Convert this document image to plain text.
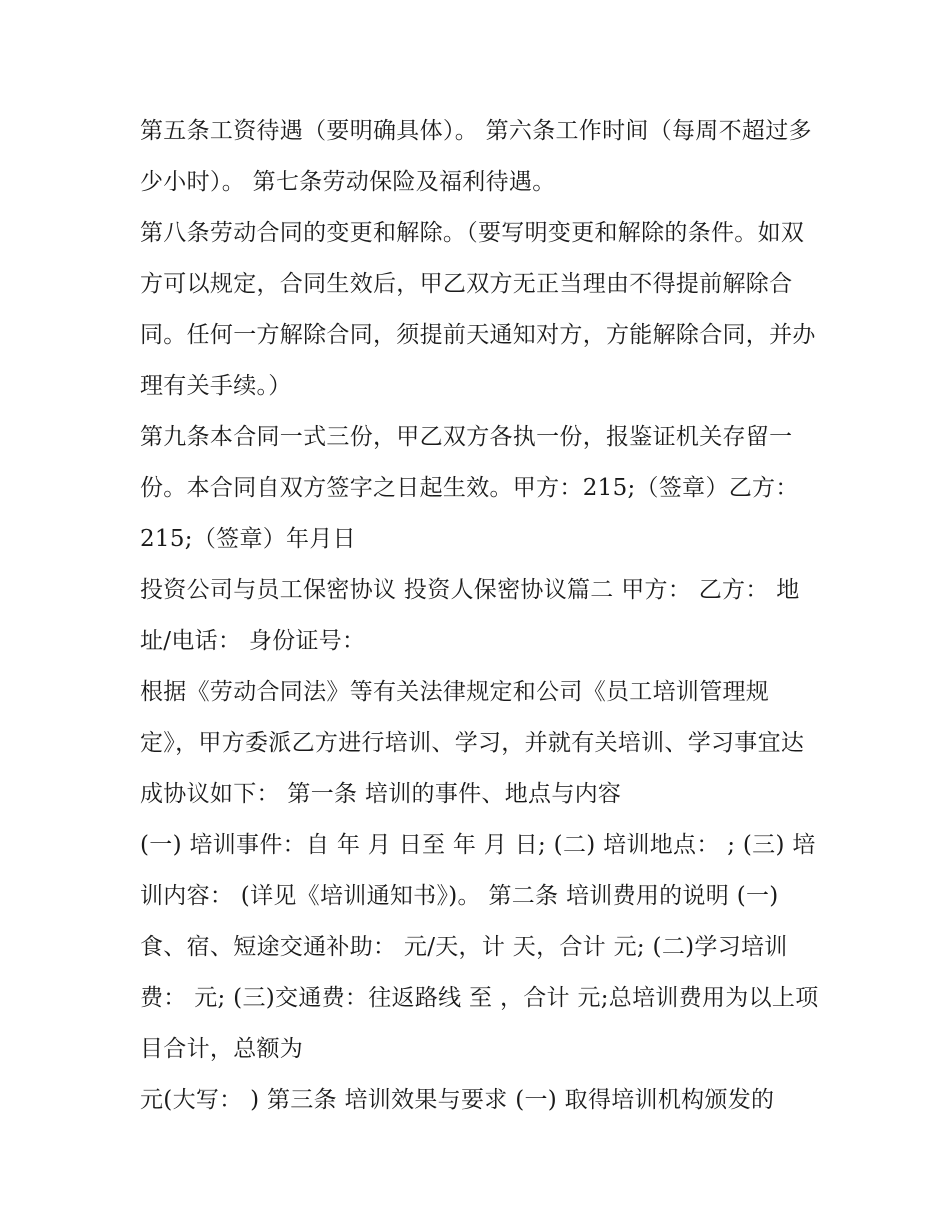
第五条工资待遇（要明确具体）。 第六条工作时间（每周不超过多少小时）。 第七条劳动保险及福利待遇。

第八条劳动合同的变更和解除。（要写明变更和解除的条件。如双方可以规定，合同生效后，甲乙双方无正当理由不得提前解除合同。任何一方解除合同，须提前天通知对方，方能解除合同，并办理有关手续。）

第九条本合同一式三份，甲乙双方各执一份，报鉴证机关存留一份。本合同自双方签字之日起生效。甲方：215;（签章）乙方：215;（签章）年月日

投资公司与员工保密协议 投资人保密协议篇二 甲方： 乙方： 地址/电话： 身份证号：

根据《劳动合同法》等有关法律规定和公司《员工培训管理规定》，甲方委派乙方进行培训、学习，并就有关培训、学习事宜达成协议如下： 第一条 培训的事件、地点与内容

(一) 培训事件：自 年 月 日至 年 月 日; (二) 培训地点： ; (三) 培训内容： (详见《培训通知书》)。 第二条 培训费用的说明 (一)食、宿、短途交通补助： 元/天，计 天，合计 元; (二)学习培训费： 元; (三)交通费：往返路线 至 ，合计 元;总培训费用为以上项目合计，总额为

元(大写： ) 第三条 培训效果与要求 (一) 取得培训机构颁发的
